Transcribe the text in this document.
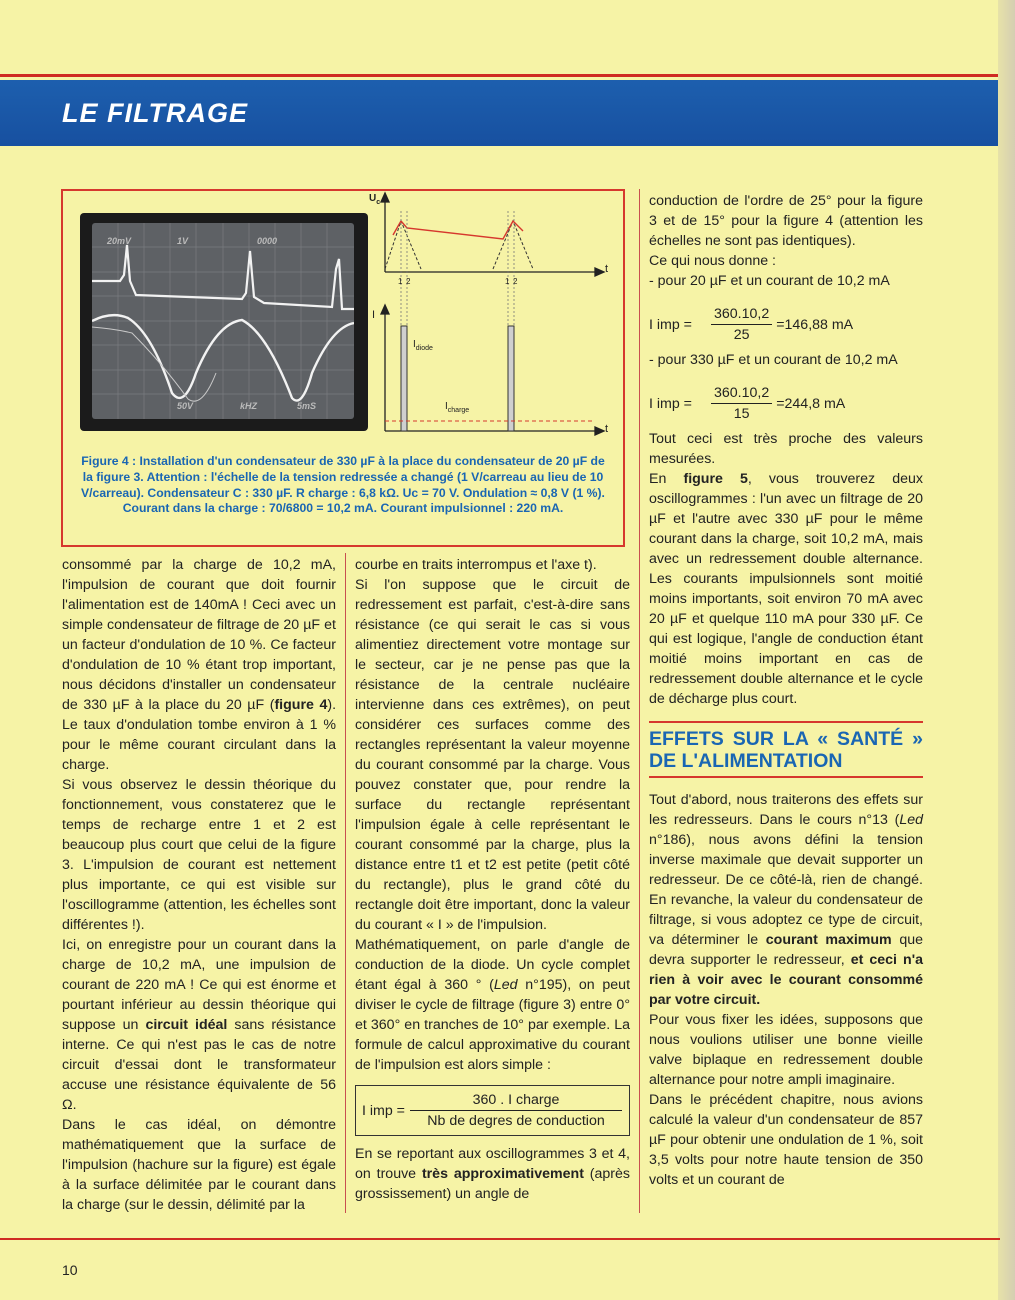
LE FILTRAGE
20mV	1V	0000
50V	kHZ	5mS
$U_c$
t
I
t
1 2	1 2
$I_{diode}$
$I_{charge}$
Figure 4 : Installation d'un condensateur de 330 µF à la place du condensateur de 20 µF de la figure 3. Attention : l'échelle de la tension redressée a changé (1 V/carreau au lieu de 10 V/carreau). Condensateur C : 330 µF. R charge : 6,8 kΩ. Uc = 70 V. Ondulation ≈ 0,8 V (1 %). Courant dans la charge : 70/6800 = 10,2 mA. Courant impulsionnel : 220 mA.

consommé par la charge de 10,2 mA, l'impulsion de courant que doit fournir l'alimentation est de 140mA ! Ceci avec un simple condensateur de filtrage de 20 µF et un facteur d'ondulation de 10 %. Ce facteur d'ondulation de 10 % étant trop important, nous décidons d'installer un condensateur de 330 µF à la place du 20 µF (figure 4). Le taux d'ondulation tombe environ à 1 % pour le même courant circulant dans la charge.

Si vous observez le dessin théorique du fonctionnement, vous constaterez que le temps de recharge entre 1 et 2 est beaucoup plus court que celui de la figure 3. L'impulsion de courant est nettement plus importante, ce qui est visible sur l'oscillogramme (attention, les échelles sont différentes !).

Ici, on enregistre pour un courant dans la charge de 10,2 mA, une impulsion de courant de 220 mA ! Ce qui est énorme et pourtant inférieur au dessin théorique qui suppose un circuit idéal sans résistance interne. Ce qui n'est pas le cas de notre circuit d'essai dont le transformateur accuse une résistance équivalente de 56 Ω.

Dans le cas idéal, on démontre mathématiquement que la surface de l'impulsion (hachure sur la figure) est égale à la surface délimitée par le courant dans la charge (sur le dessin, délimité par la

courbe en traits interrompus et l'axe t).

Si l'on suppose que le circuit de redressement est parfait, c'est-à-dire sans résistance (ce qui serait le cas si vous alimentiez directement votre montage sur le secteur, car je ne pense pas que la résistance de la centrale nucléaire intervienne dans ces extrêmes), on peut considérer ces surfaces comme des rectangles représentant la valeur moyenne du courant consommé par la charge. Vous pouvez constater que, pour rendre la surface du rectangle représentant l'impulsion égale à celle représentant le courant consommé par la charge, plus la distance entre t1 et t2 est petite (petit côté du rectangle), plus le grand côté du rectangle doit être important, donc la valeur du courant « I » de l'impulsion.

Mathématiquement, on parle d'angle de conduction de la diode. Un cycle complet étant égal à 360 ° (Led n°195), on peut diviser le cycle de filtrage (figure 3) entre 0° et 360° en tranches de 10° par exemple. La formule de calcul approximative du courant de l'impulsion est alors simple :

I imp = $\frac{\text{360 . I charge}}{\text{Nb de degres de conduction}}$

En se reportant aux oscillogrammes 3 et 4, on trouve très approximativement (après grossissement) un angle de

conduction de l'ordre de 25° pour la figure 3 et de 15° pour la figure 4 (attention les échelles ne sont pas identiques).

Ce qui nous donne :

- pour 20 µF et un courant de 10,2 mA

I imp =	$\frac{360.10,2}{25} =146,88$ mA

- pour 330 µF et un courant de 10,2 mA

I imp =	$\frac{360.10,2}{15} =244,8$ mA

Tout ceci est très proche des valeurs mesurées.

En figure 5, vous trouverez deux oscillogrammes : l'un avec un filtrage de 20 µF et l'autre avec 330 µF pour le même courant dans la charge, soit 10,2 mA, mais avec un redressement double alternance. Les courants impulsionnels sont moitié moins importants, soit environ 70 mA avec 20 µF et quelque 110 mA pour 330 µF. Ce qui est logique, l'angle de conduction étant moitié moins important en cas de redressement double alternance et le cycle de décharge plus court.

EFFETS SUR LA « SANTÉ » DE L'ALIMENTATION

Tout d'abord, nous traiterons des effets sur les redresseurs. Dans le cours n°13 (Led n°186), nous avons défini la tension inverse maximale que devait supporter un redresseur. De ce côté-là, rien de changé. En revanche, la valeur du condensateur de filtrage, si vous adoptez ce type de circuit, va déterminer le courant maximum que devra supporter le redresseur, et ceci n'a rien à voir avec le courant consommé par votre circuit.

Pour vous fixer les idées, supposons que nous voulions utiliser une bonne vieille valve biplaque en redressement double alternance pour notre ampli imaginaire.

Dans le précédent chapitre, nous avions calculé la valeur d'un condensateur de 857 µF pour obtenir une ondulation de 1 %, soit 3,5 volts pour notre haute tension de 350 volts et un courant de

10
